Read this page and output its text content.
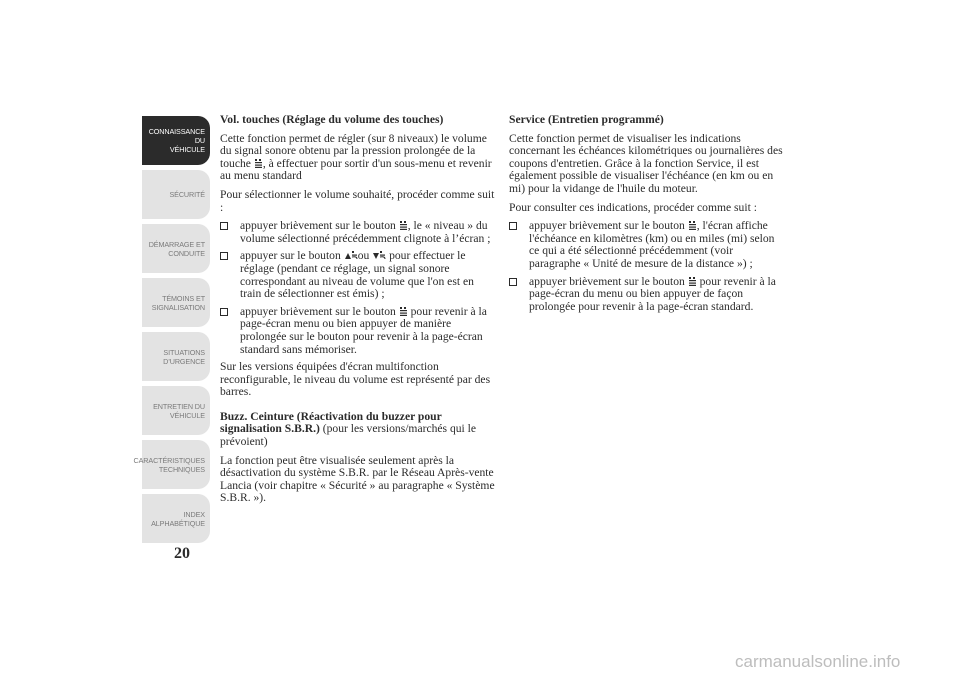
CONNAISSANCE DU
VÉHICULE
SÉCURITÉ
DÉMARRAGE ET
CONDUITE
TÉMOINS ET
SIGNALISATION
SITUATIONS
D’URGENCE
ENTRETIEN DU
VÉHICULE
CARACTÉRISTIQUES
TECHNIQUES
INDEX
ALPHABÉTIQUE
20
Vol. touches (Réglage du volume des touches)

Cette fonction permet de régler (sur 8 niveaux) le volume du signal sonore obtenu par la pression prolongée de la touche , à effectuer pour sortir d'un sous-menu et revenir au menu standard

Pour sélectionner le volume souhaité, procéder comme suit :

appuyer brièvement sur le bouton , le « niveau » du volume sélectionné précédemment clignote à l’écran ;
appuyer sur le bouton ou  pour effectuer le réglage (pendant ce réglage, un signal sonore correspondant au niveau de volume que l'on est en train de sélectionner est émis) ;
appuyer brièvement sur le bouton  pour revenir à la page-écran menu ou bien appuyer de manière prolongée sur le bouton pour revenir à la page-écran standard sans mémoriser.

Sur les versions équipées d'écran multifonction reconfigurable, le niveau du volume est représenté par des barres.

Buzz. Ceinture (Réactivation du buzzer pour signalisation S.B.R.) (pour les versions/marchés qui le prévoient)

La fonction peut être visualisée seulement après la désactivation du système S.B.R. par le Réseau Après-vente Lancia (voir chapitre « Sécurité » au paragraphe « Système S.B.R. »).

Service (Entretien programmé)

Cette fonction permet de visualiser les indications concernant les échéances kilométriques ou journalières des coupons d'entretien. Grâce à la fonction Service, il est également possible de visualiser l'échéance (en km ou en mi) pour la vidange de l'huile du moteur.

Pour consulter ces indications, procéder comme suit :

appuyer brièvement sur le bouton , l'écran affiche l'échéance en kilomètres (km) ou en miles (mi) selon ce qui a été sélectionné précédemment (voir paragraphe « Unité de mesure de la distance ») ;
appuyer brièvement sur le bouton  pour revenir à la page-écran du menu ou bien appuyer de façon prolongée pour revenir à la page-écran standard.
carmanualsonline.info
